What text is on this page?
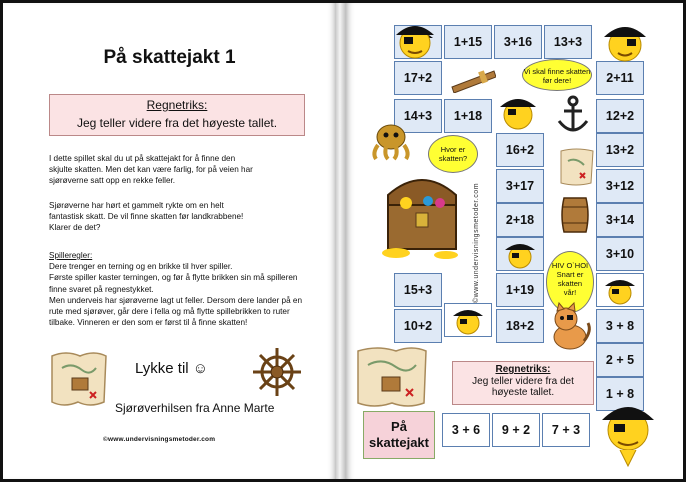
På skattejakt 1
Regnetriks:
Jeg teller videre fra det høyeste tallet.
I dette spillet skal du ut på skattejakt for å finne den
skjulte skatten. Men det kan være farlig, for på veien har
sjørøverne satt opp en rekke feller.
Sjørøverne har hørt et gammelt rykte om en helt
fantastisk skatt. De vil finne skatten før landkrabbene!
Klarer de det?
Spilleregler:
Dere trenger en terning og en brikke til hver spiller.
Første spiller kaster terningen, og før å flytte brikken sin må spilleren
finne svaret på regnestykket.
Men underveis har sjørøverne lagt ut feller. Dersom dere lander på en
rute med sjørøver, går dere i fella og må flytte spillebrikken to ruter
tilbake. Vinneren er den som er først til å finne skatten!
Lykke til ☺
Sjørøverhilsen fra Anne Marte
©www.undervisningsmetoder.com
1+15	3+16	13+3
17+2	2+11
14+3	1+18	12+2
16+2	13+2
3+17	3+12
2+18	3+14
3+10
15+3	1+19
10+2	18+2	3 + 8
2 + 5
1 + 8
3 + 6	9 + 2	7 + 3
På
skattejakt
Regnetriks:
Jeg teller videre fra det
høyeste tallet.
Vi skal finne skatten før dere!
Hvor er skatten?
HIV O`HOI Snart er skatten vår!
©www.undervisningsmetoder.com
